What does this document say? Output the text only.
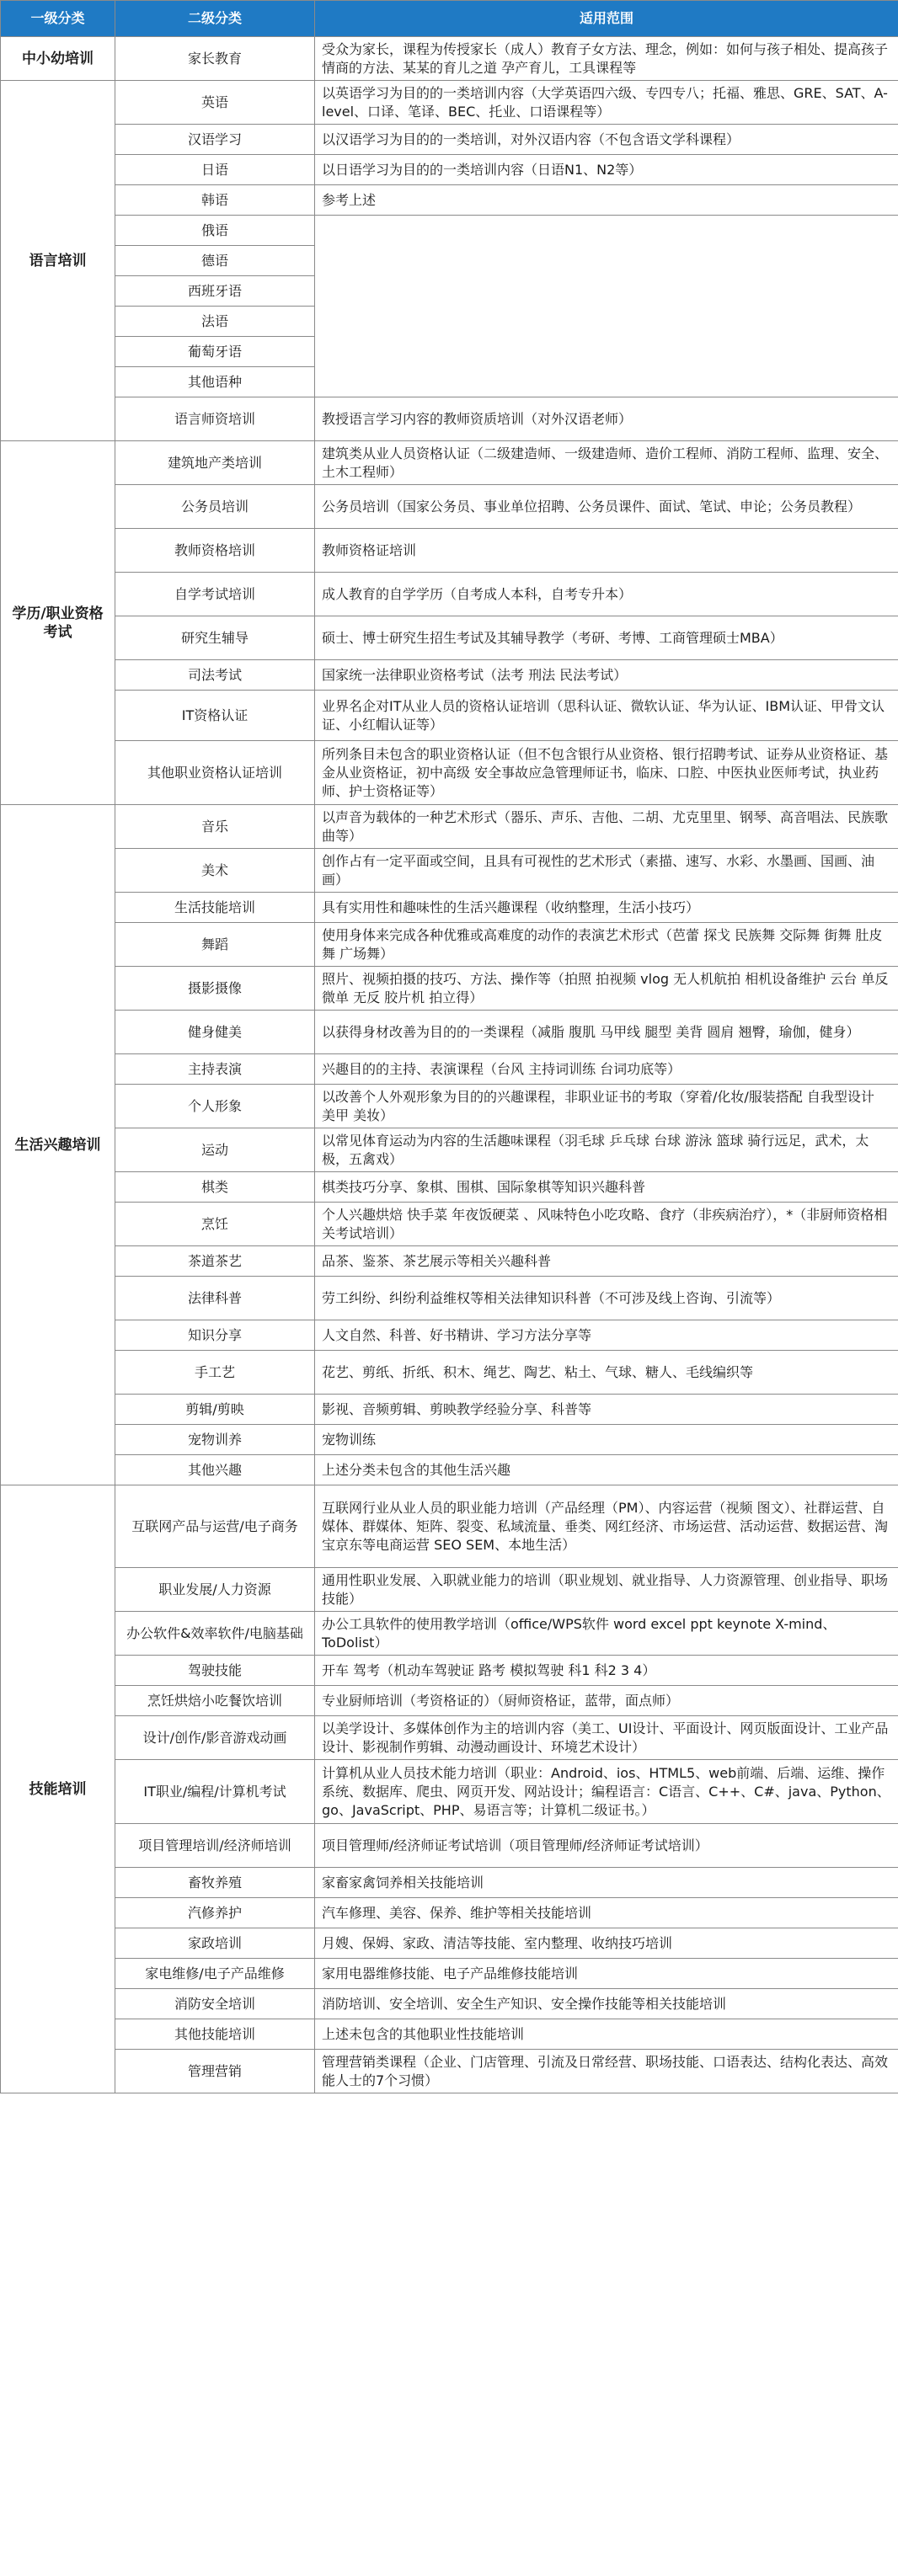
一级分类	二级分类	适用范围
中小幼培训	家长教育	受众为家长，课程为传授家长（成人）教育子女方法、理念，例如：如何与孩子相处、提高孩子情商的方法、某某的育儿之道 孕产育儿，工具课程等
语言培训	英语	以英语学习为目的的一类培训内容（大学英语四六级、专四专八；托福、雅思、GRE、SAT、A-level、口译、笔译、BEC、托业、口语课程等）
	汉语学习	以汉语学习为目的的一类培训，对外汉语内容（不包含语文学科课程）
	日语	以日语学习为目的的一类培训内容（日语N1、N2等）
	韩语	参考上述
	俄语	
	德语	
	西班牙语	
	法语	
	葡萄牙语	
	其他语种	
	语言师资培训	教授语言学习内容的教师资质培训（对外汉语老师）
学历/职业资格考试	建筑地产类培训	建筑类从业人员资格认证（二级建造师、一级建造师、造价工程师、消防工程师、监理、安全、土木工程师）
	公务员培训	公务员培训（国家公务员、事业单位招聘、公务员课件、面试、笔试、申论；公务员教程）
	教师资格培训	教师资格证培训
	自学考试培训	成人教育的自学学历（自考成人本科，自考专升本）
	研究生辅导	硕士、博士研究生招生考试及其辅导教学（考研、考博、工商管理硕士MBA）
	司法考试	国家统一法律职业资格考试（法考 刑法 民法考试）
	IT资格认证	业界名企对IT从业人员的资格认证培训（思科认证、微软认证、华为认证、IBM认证、甲骨文认证、小红帽认证等）
	其他职业资格认证培训	所列条目未包含的职业资格认证（但不包含银行从业资格、银行招聘考试、证券从业资格证、基金从业资格证，初中高级 安全事故应急管理师证书，临床、口腔、中医执业医师考试，执业药师、护士资格证等）
生活兴趣培训	音乐	以声音为载体的一种艺术形式（器乐、声乐、吉他、二胡、尤克里里、钢琴、高音唱法、民族歌曲等）
	美术	创作占有一定平面或空间，且具有可视性的艺术形式（素描、速写、水彩、水墨画、国画、油画）
	生活技能培训	具有实用性和趣味性的生活兴趣课程（收纳整理，生活小技巧）
	舞蹈	使用身体来完成各种优雅或高难度的动作的表演艺术形式（芭蕾 探戈 民族舞 交际舞 街舞 肚皮舞 广场舞）
	摄影摄像	照片、视频拍摄的技巧、方法、操作等（拍照 拍视频 vlog 无人机航拍 相机设备维护 云台 单反 微单 无反 胶片机 拍立得）
	健身健美	以获得身材改善为目的的一类课程（减脂 腹肌 马甲线 腿型 美背 圆肩 翘臀，瑜伽，健身）
	主持表演	兴趣目的的主持、表演课程（台风 主持词训练 台词功底等）
	个人形象	以改善个人外观形象为目的的兴趣课程，非职业证书的考取（穿着/化妆/服装搭配 自我型设计 美甲 美妆）
	运动	以常见体育运动为内容的生活趣味课程（羽毛球 乒乓球 台球 游泳 篮球 骑行远足，武术，太极，五禽戏）
	棋类	棋类技巧分享、象棋、围棋、国际象棋等知识兴趣科普
	烹饪	个人兴趣烘焙 快手菜 年夜饭硬菜 、风味特色小吃攻略、食疗（非疾病治疗），*（非厨师资格相关考试培训）
	茶道茶艺	品茶、鉴茶、茶艺展示等相关兴趣科普
	法律科普	劳工纠纷、纠纷利益维权等相关法律知识科普（不可涉及线上咨询、引流等）
	知识分享	人文自然、科普、好书精讲、学习方法分享等
	手工艺	花艺、剪纸、折纸、积木、绳艺、陶艺、粘土、气球、糖人、毛线编织等
	剪辑/剪映	影视、音频剪辑、剪映教学经验分享、科普等
	宠物训养	宠物训练
	其他兴趣	上述分类未包含的其他生活兴趣
技能培训	互联网产品与运营/电子商务	互联网行业从业人员的职业能力培训（产品经理（PM）、内容运营（视频 图文）、社群运营、自媒体、群媒体、矩阵、裂变、私域流量、垂类、网红经济、市场运营、活动运营、数据运营、淘宝京东等电商运营 SEO SEM、本地生活）
	职业发展/人力资源	通用性职业发展、入职就业能力的培训（职业规划、就业指导、人力资源管理、创业指导、职场技能）
	办公软件&效率软件/电脑基础	办公工具软件的使用教学培训（office/WPS软件 word excel ppt keynote X-mind、ToDolist）
	驾驶技能	开车 驾考（机动车驾驶证 路考 模拟驾驶 科1 科2 3 4）
	烹饪烘焙小吃餐饮培训	专业厨师培训（考资格证的）（厨师资格证，蓝带，面点师）
	设计/创作/影音游戏动画	以美学设计、多媒体创作为主的培训内容（美工、UI设计、平面设计、网页版面设计、工业产品设计、影视制作剪辑、动漫动画设计、环境艺术设计）
	IT职业/编程/计算机考试	计算机从业人员技术能力培训（职业：Android、ios、HTML5、web前端、后端、运维、操作系统、数据库、爬虫、网页开发、网站设计；编程语言：C语言、C++、C#、java、Python、go、JavaScript、PHP、易语言等；计算机二级证书。）
	项目管理培训/经济师培训	项目管理师/经济师证考试培训（项目管理师/经济师证考试培训）
	畜牧养殖	家畜家禽饲养相关技能培训
	汽修养护	汽车修理、美容、保养、维护等相关技能培训
	家政培训	月嫂、保姆、家政、清洁等技能、室内整理、收纳技巧培训
	家电维修/电子产品维修	家用电器维修技能、电子产品维修技能培训
	消防安全培训	消防培训、安全培训、安全生产知识、安全操作技能等相关技能培训
	其他技能培训	上述未包含的其他职业性技能培训
	管理营销	管理营销类课程（企业、门店管理、引流及日常经营、职场技能、口语表达、结构化表达、高效能人士的7个习惯）
